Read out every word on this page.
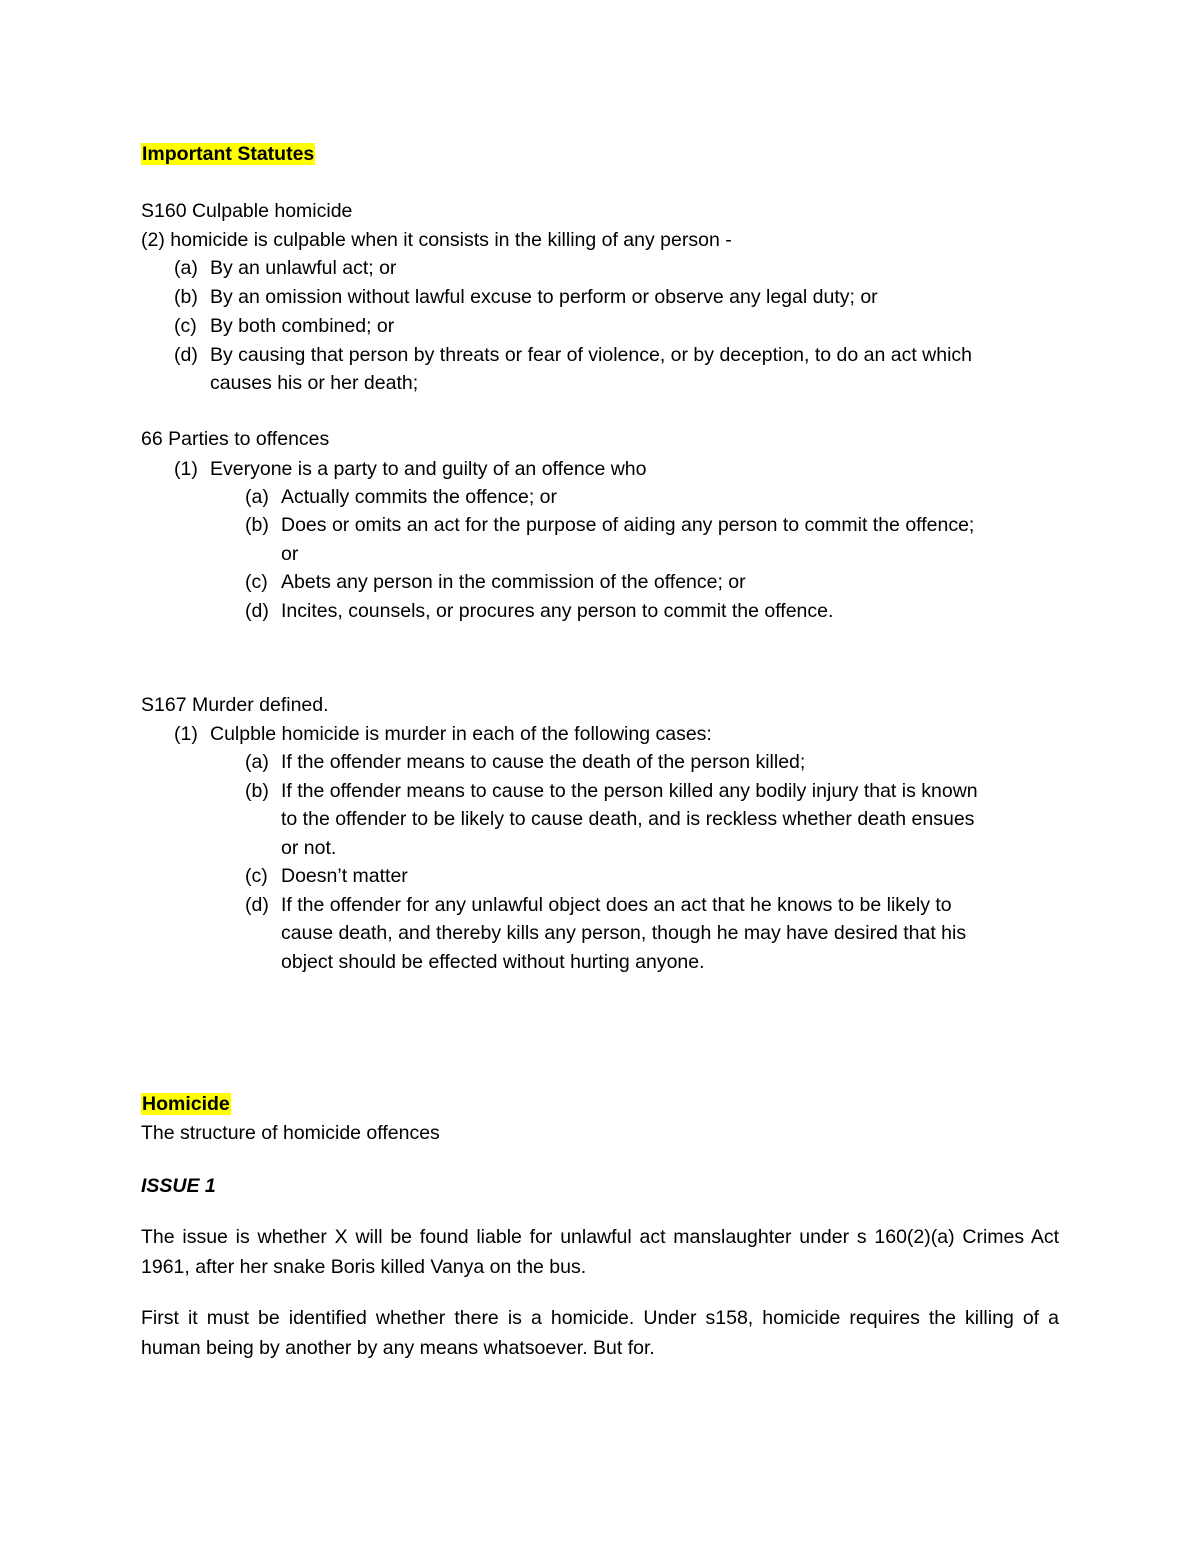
Important Statutes
S160 Culpable homicide
(2) homicide is culpable when it consists in the killing of any person -
(a) By an unlawful act; or
(b) By an omission without lawful excuse to perform or observe any legal duty; or
(c) By both combined; or
(d) By causing that person by threats or fear of violence, or by deception, to do an act which
causes his or her death;
66 Parties to offences
(1) Everyone is a party to and guilty of an offence who
(a) Actually commits the offence; or
(b) Does or omits an act for the purpose of aiding any person to commit the offence;
or
(c) Abets any person in the commission of the offence; or
(d) Incites, counsels, or procures any person to commit the offence.
S167 Murder defined.
(1) Culpble homicide is murder in each of the following cases:
(a) If the offender means to cause the death of the person killed;
(b) If the offender means to cause to the person killed any bodily injury that is known
to the offender to be likely to cause death, and is reckless whether death ensues
or not.
(c) Doesn’t matter
(d) If the offender for any unlawful object does an act that he knows to be likely to
cause death, and thereby kills any person, though he may have desired that his
object should be effected without hurting anyone.
Homicide
The structure of homicide offences
ISSUE 1
The issue is whether X will be found liable for unlawful act manslaughter under s 160(2)(a) Crimes Act 1961, after her snake Boris killed Vanya on the bus.
First it must be identified whether there is a homicide. Under s158, homicide requires the killing of a human being by another by any means whatsoever. But for.
